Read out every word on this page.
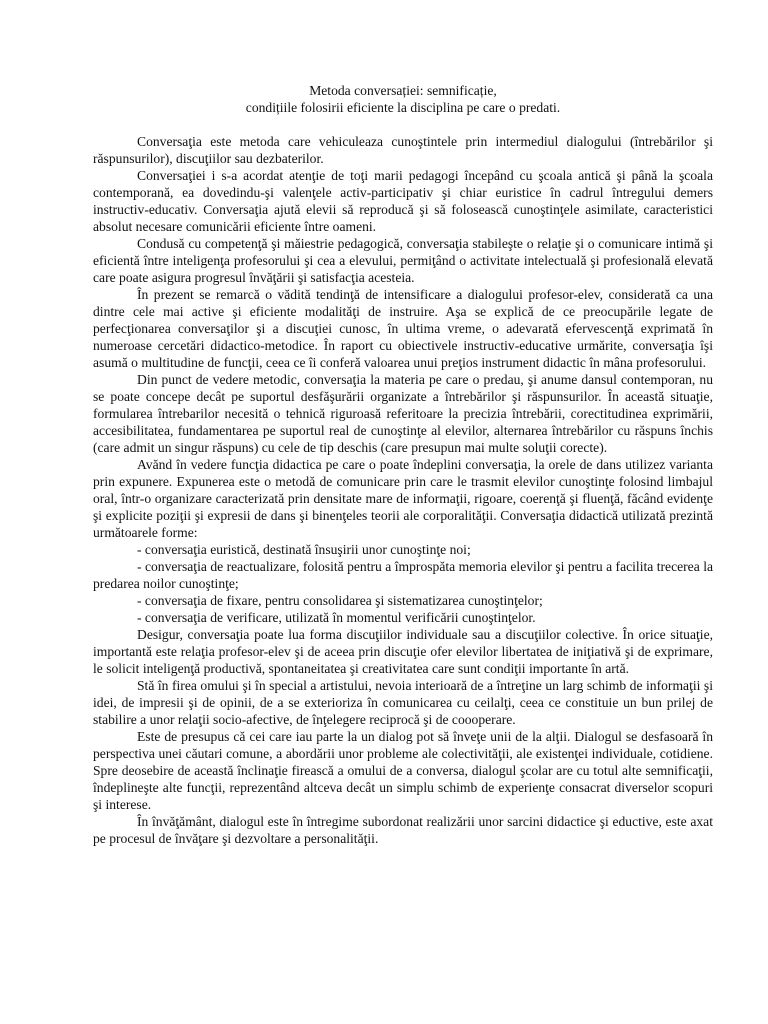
Metoda conversației: semnificație,

condițiile folosirii eficiente la disciplina pe care o predati.

Conversaţia este metoda care vehiculeaza cunoştintele prin intermediul dialogului (întrebărilor şi răspunsurilor), discuţiilor sau dezbaterilor.

Conversaţiei i s-a acordat atenţie de toţi marii pedagogi începând cu şcoala antică şi până la şcoala contemporană, ea dovedindu-şi valenţele activ-participativ şi chiar euristice în cadrul întregului demers instructiv-educativ. Conversaţia ajută elevii să reproducă şi să folosească cunoştinţele asimilate, caracteristici absolut necesare comunicării eficiente între oameni.

Condusă cu competenţă şi măiestrie pedagogică, conversaţia stabileşte o relaţie şi o comunicare intimă şi eficientă între inteligenţa profesorului şi cea a elevului, permiţând o activitate intelectuală şi profesională elevată care poate asigura progresul învăţării şi satisfacţia acesteia.

În prezent se remarcă o vădită tendinţă de intensificare a dialogului profesor-elev, considerată ca una dintre cele mai active şi eficiente modalităţi de instruire. Aşa se explică de ce preocupările legate de perfecţionarea conversaţilor şi a discuţiei cunosc, în ultima vreme, o adevarată efervescenţă exprimată în numeroase cercetări didactico-metodice. În raport cu obiectivele instructiv-educative urmărite, conversaţia îşi asumă o multitudine de funcţii, ceea ce îi conferă valoarea unui preţios instrument didactic în mâna profesorului.

Din punct de vedere metodic, conversaţia la materia pe care o predau, şi anume dansul contemporan, nu se poate concepe decât pe suportul desfăşurării organizate a întrebărilor şi răspunsurilor. În această situaţie, formularea întrebarilor necesită o tehnică riguroasă referitoare la precizia întrebării, corectitudinea exprimării, accesibilitatea, fundamentarea pe suportul real de cunoştinţe al elevilor, alternarea întrebărilor cu răspuns închis (care admit un singur răspuns) cu cele de tip deschis (care presupun mai multe soluţii corecte).

Avănd în vedere funcţia didactica pe care o poate îndeplini conversaţia, la orele de dans utilizez varianta prin expunere. Expunerea este o metodă de comunicare prin care le trasmit elevilor cunoştinţe folosind limbajul oral, într-o organizare caracterizată prin densitate mare de informaţii, rigoare, coerenţă şi fluenţă, făcând evidenţe şi explicite poziţii şi expresii de dans şi binenţeles teorii ale corporalităţii. Conversaţia didactică utilizată prezintă următoarele forme:

- conversaţia euristică, destinată însuşirii unor cunoştinţe noi;

- conversaţia de reactualizare, folosită pentru a împrospăta memoria elevilor şi pentru a facilita trecerea la predarea noilor cunoştinţe;

- conversaţia de fixare, pentru consolidarea şi sistematizarea cunoştinţelor;

- conversaţia de verificare, utilizată în momentul verificării cunoştinţelor.

Desigur, conversaţia poate lua forma discuţiilor individuale sau a discuţiilor colective. În orice situaţie, importantă este relaţia profesor-elev şi de aceea prin discuţie ofer elevilor libertatea de iniţiativă şi de exprimare, le solicit inteligenţă productivă, spontaneitatea şi creativitatea care sunt condiţii importante în artă.

Stă în firea omului şi în special a artistului, nevoia interioară de a întreţine un larg schimb de informaţii şi idei, de impresii şi de opinii, de a se exterioriza în comunicarea cu ceilalţi, ceea ce constituie un bun prilej de stabilire a unor relaţii socio-afective, de înţelegere reciprocă şi de coooperare.

Este de presupus că cei care iau parte la un dialog pot să înveţe unii de la alţii. Dialogul se desfasoară în perspectiva unei căutari comune, a abordării unor probleme ale colectivităţii, ale existenţei individuale, cotidiene. Spre deosebire de această înclinaţie firească a omului de a conversa, dialogul şcolar are cu totul alte semnificaţii, îndeplineşte alte funcţii, reprezentând altceva decât un simplu schimb de experienţe consacrat diverselor scopuri şi interese.

În învăţământ, dialogul este în întregime subordonat realizării unor sarcini didactice şi eductive, este axat pe procesul de învăţare şi dezvoltare a personalităţii.
